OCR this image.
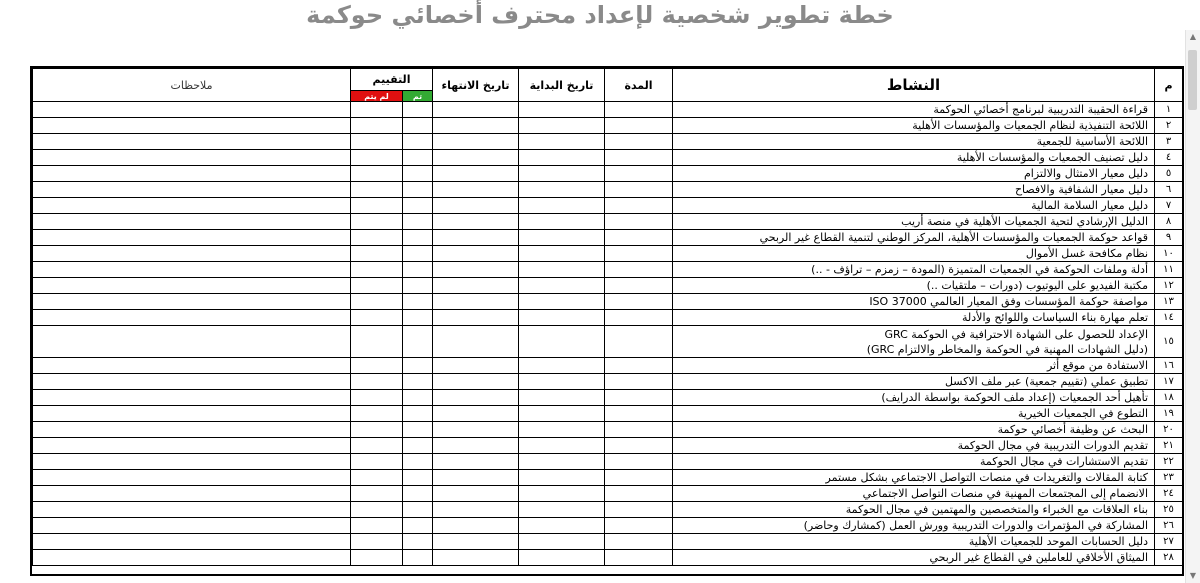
خطة تطوير شخصية لإعداد محترف أخصائي حوكمة
▲
▼
م	النشاط	المدة	تاريخ البداية	تاريخ الانتهاء	التقييم		ملاحظات
					تم	لم يتم	
١	قراءة الحقيبة التدريبية لبرنامج أخصائي الحوكمة						
٢	اللائحة التنفيذية لنظام الجمعيات والمؤسسات الأهلية						
٣	اللائحة الأساسية للجمعية						
٤	دليل تصنيف الجمعيات والمؤسسات الأهلية						
٥	دليل معيار الامتثال والالتزام						
٦	دليل معيار الشفافية والافصاح						
٧	دليل معيار السلامة المالية						
٨	الدليل الإرشادي لتحية الجمعيات الأهلية في منصة أريب						
٩	قواعد حوكمة الجمعيات والمؤسسات الأهلية، المركز الوطني لتنمية القطاع غير الربحي						
١٠	نظام مكافحة غسل الأموال						
١١	أدلة وملفات الحوكمة في الجمعيات المتميزة (المودة – زمزم – تراؤف - ..)						
١٢	مكتبة الفيديو على اليوتيوب (دورات – ملتقيات ..)						
١٣	مواصفة حوكمة المؤسسات وفق المعيار العالمي ISO 37000						
١٤	تعلم مهارة بناء السياسات واللوائح والأدلة						
١٥	الإعداد للحصول على الشهادة الاحترافية في الحوكمة GRC
(دليل الشهادات المهنية في الحوكمة والمخاطر والالتزام GRC)						

١٦	الاستفادة من موقع أثر						
١٧	تطبيق عملي (تقييم جمعية) عبر ملف الاكسل						
١٨	تأهيل أحد الجمعيات (إعداد ملف الحوكمة بواسطة الدرايف)						
١٩	التطوع في الجمعيات الخيرية						
٢٠	البحث عن وظيفة أخصائي حوكمة						
٢١	تقديم الدورات التدريبية في مجال الحوكمة						
٢٢	تقديم الاستشارات في مجال الحوكمة						
٢٣	كتابة المقالات والتغريدات في منصات التواصل الاجتماعي بشكل مستمر						
٢٤	الانضمام إلى المجتمعات المهنية في منصات التواصل الاجتماعي						
٢٥	بناء العلاقات مع الخبراء والمتخصصين والمهتمين في مجال الحوكمة						
٢٦	المشاركة في المؤتمرات والدورات التدريبية وورش العمل (كمشارك وحاضر)						
٢٧	دليل الحسابات الموحد للجمعيات الأهلية						
٢٨	الميثاق الأخلاقي للعاملين في القطاع غير الربحي						
